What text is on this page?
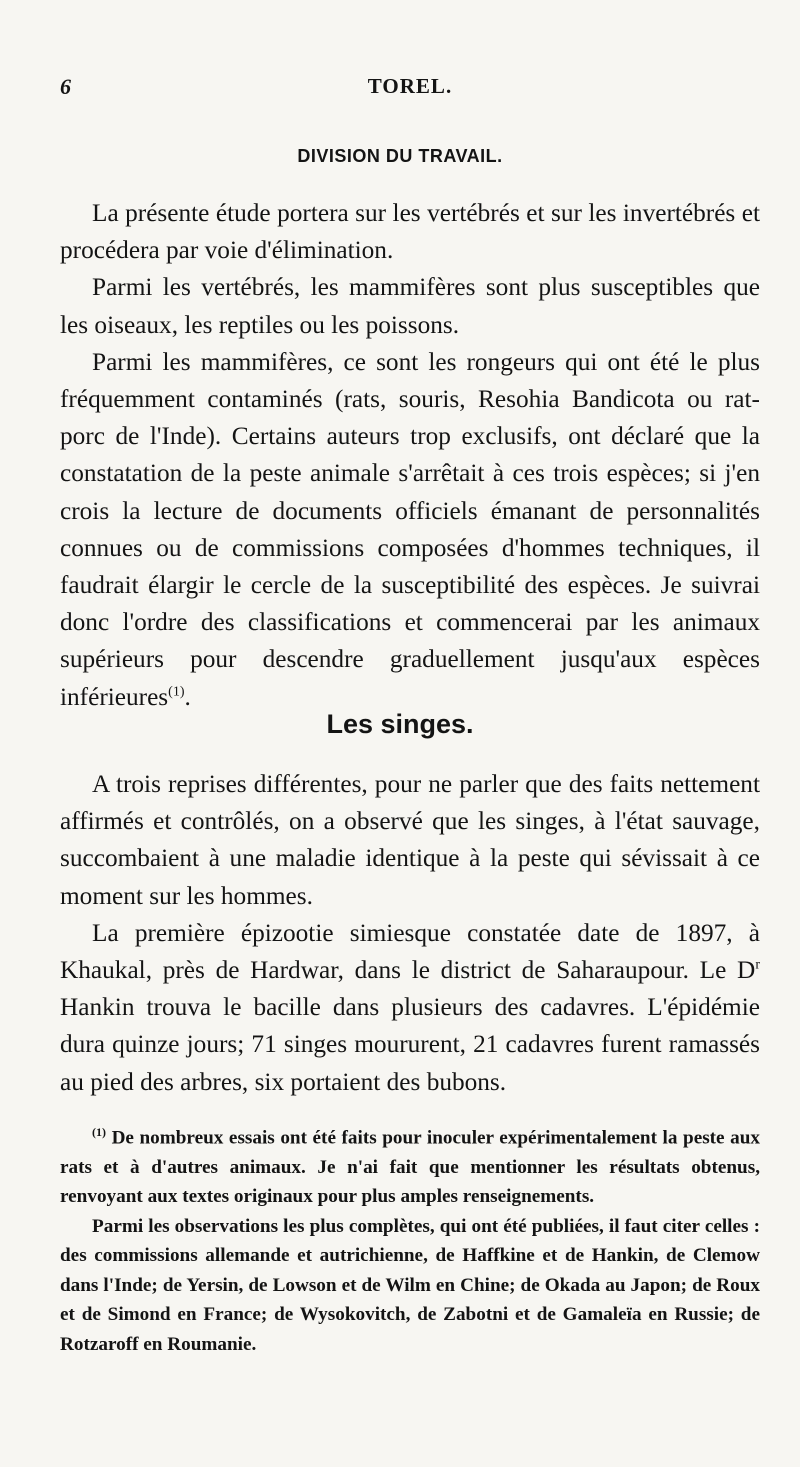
6	TOREL.
DIVISION DU TRAVAIL.

La présente étude portera sur les vertébrés et sur les invertébrés et procédera par voie d'élimination.

Parmi les vertébrés, les mammifères sont plus susceptibles que les oiseaux, les reptiles ou les poissons.

Parmi les mammifères, ce sont les rongeurs qui ont été le plus fréquemment contaminés (rats, souris, Resohia Bandicota ou rat-porc de l'Inde). Certains auteurs trop exclusifs, ont déclaré que la constatation de la peste animale s'arrêtait à ces trois espèces; si j'en crois la lecture de documents officiels émanant de personnalités connues ou de commissions composées d'hommes techniques, il faudrait élargir le cercle de la susceptibilité des espèces. Je suivrai donc l'ordre des classifications et commencerai par les animaux supérieurs pour descendre graduellement jusqu'aux espèces inférieures$^{(1)}$.

Les singes.

A trois reprises différentes, pour ne parler que des faits nettement affirmés et contrôlés, on a observé que les singes, à l'état sauvage, succombaient à une maladie identique à la peste qui sévissait à ce moment sur les hommes.

La première épizootie simiesque constatée date de 1897, à Khaukal, près de Hardwar, dans le district de Saharaupour. Le $D^r$ Hankin trouva le bacille dans plusieurs des cadavres. L'épidémie dura quinze jours; 71 singes moururent, 21 cadavres furent ramassés au pied des arbres, six portaient des bubons.

$^{(1)}$ De nombreux essais ont été faits pour inoculer expérimentalement la peste aux rats et à d'autres animaux. Je n'ai fait que mentionner les résultats obtenus, renvoyant aux textes originaux pour plus amples renseignements.

Parmi les observations les plus complètes, qui ont été publiées, il faut citer celles : des commissions allemande et autrichienne, de Haffkine et de Hankin, de Clemow dans l'Inde; de Yersin, de Lowson et de Wilm en Chine; de Okada au Japon; de Roux et de Simond en France; de Wysokovitch, de Zabotni et de Gamaleïa en Russie; de Rotzaroff en Roumanie.
